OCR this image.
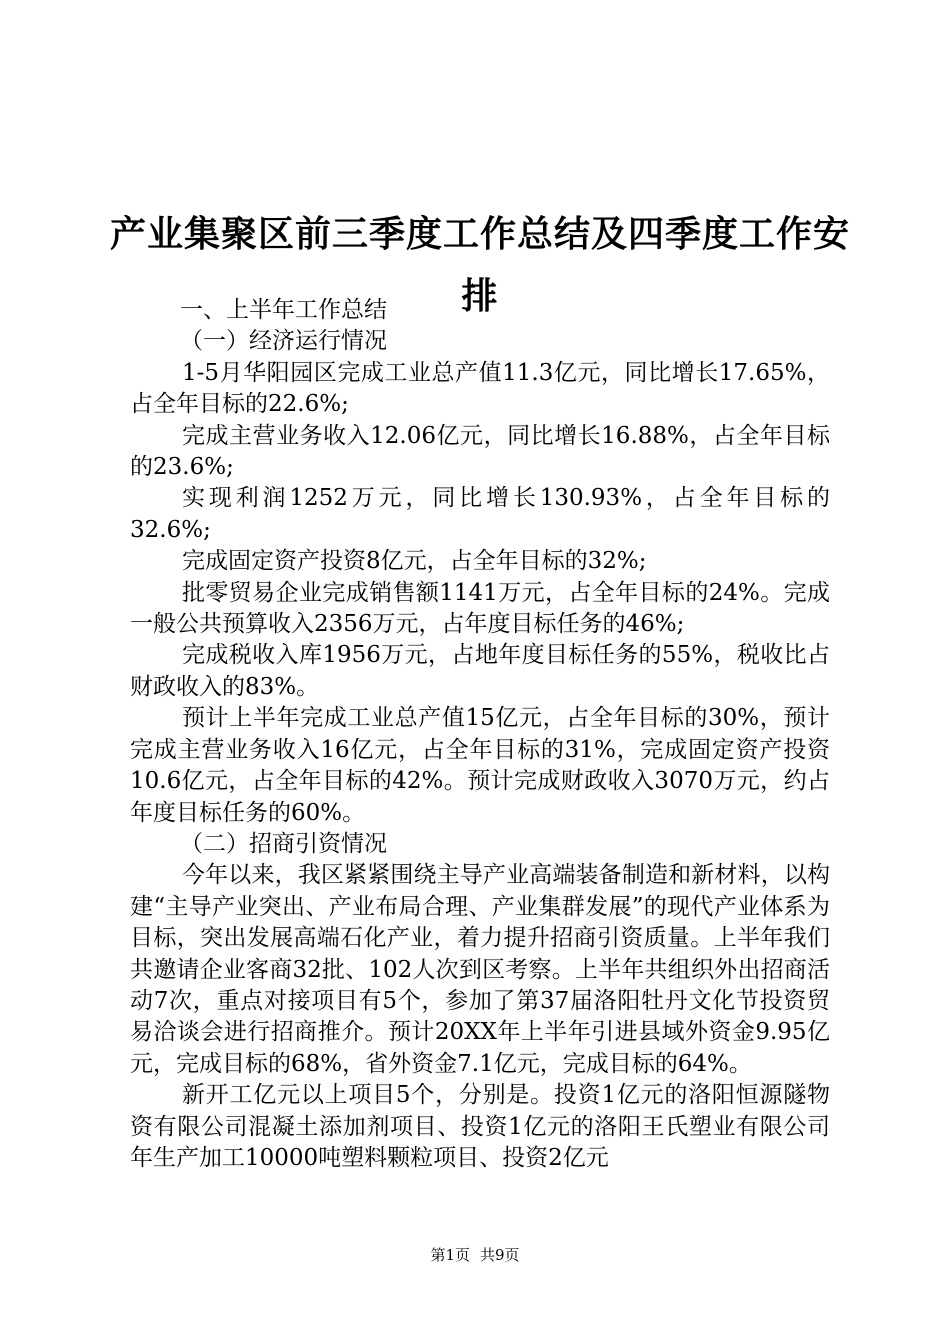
产业集聚区前三季度工作总结及四季度工作安排

一、上半年工作总结

（一）经济运行情况

1-5月华阳园区完成工业总产值11.3亿元，同比增长17.65%，占全年目标的22.6%;

完成主营业务收入12.06亿元，同比增长16.88%，占全年目标的23.6%;

实现利润1252万元，同比增长130.93%，占全年目标的32.6%;

完成固定资产投资8亿元，占全年目标的32%;

批零贸易企业完成销售额1141万元，占全年目标的24%。完成一般公共预算收入2356万元，占年度目标任务的46%;

完成税收入库1956万元，占地年度目标任务的55%，税收比占财政收入的83%。

预计上半年完成工业总产值15亿元，占全年目标的30%，预计完成主营业务收入16亿元，占全年目标的31%，完成固定资产投资10.6亿元，占全年目标的42%。预计完成财政收入3070万元，约占年度目标任务的60%。

（二）招商引资情况

今年以来，我区紧紧围绕主导产业高端装备制造和新材料，以构建“主导产业突出、产业布局合理、产业集群发展”的现代产业体系为目标，突出发展高端石化产业，着力提升招商引资质量。上半年我们共邀请企业客商32批、102人次到区考察。上半年共组织外出招商活动7次，重点对接项目有5个，参加了第37届洛阳牡丹文化节投资贸易洽谈会进行招商推介。预计20XX年上半年引进县域外资金9.95亿元，完成目标的68%，省外资金7.1亿元，完成目标的64%。

新开工亿元以上项目5个，分别是。投资1亿元的洛阳恒源隧物资有限公司混凝土添加剂项目、投资1亿元的洛阳王氏塑业有限公司年生产加工10000吨塑料颗粒项目、投资2亿元

第1页 共9页
